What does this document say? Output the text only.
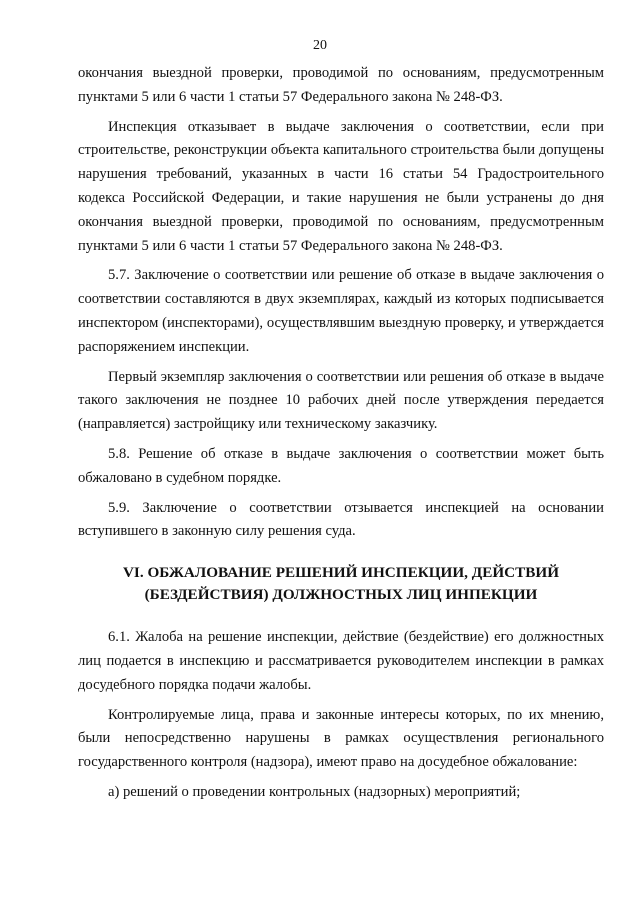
20

окончания выездной проверки, проводимой по основаниям, предусмотренным пунктами 5 или 6 части 1 статьи 57 Федерального закона № 248-ФЗ.

Инспекция отказывает в выдаче заключения о соответствии, если при строительстве, реконструкции объекта капитального строительства были допущены нарушения требований, указанных в части 16 статьи 54 Градостроительного кодекса Российской Федерации, и такие нарушения не были устранены до дня окончания выездной проверки, проводимой по основаниям, предусмотренным пунктами 5 или 6 части 1 статьи 57 Федерального закона № 248-ФЗ.

5.7. Заключение о соответствии или решение об отказе в выдаче заключения о соответствии составляются в двух экземплярах, каждый из которых подписывается инспектором (инспекторами), осуществлявшим выездную проверку, и утверждается распоряжением инспекции.

Первый экземпляр заключения о соответствии или решения об отказе в выдаче такого заключения не позднее 10 рабочих дней после утверждения передается (направляется) застройщику или техническому заказчику.

5.8. Решение об отказе в выдаче заключения о соответствии может быть обжаловано в судебном порядке.

5.9. Заключение о соответствии отзывается инспекцией на основании вступившего в законную силу решения суда.

VI. ОБЖАЛОВАНИЕ РЕШЕНИЙ ИНСПЕКЦИИ, ДЕЙСТВИЙ
(БЕЗДЕЙСТВИЯ) ДОЛЖНОСТНЫХ ЛИЦ ИНПЕКЦИИ

6.1. Жалоба на решение инспекции, действие (бездействие) его должностных лиц подается в инспекцию и рассматривается руководителем инспекции в рамках досудебного порядка подачи жалобы.

Контролируемые лица, права и законные интересы которых, по их мнению, были непосредственно нарушены в рамках осуществления регионального государственного контроля (надзора), имеют право на досудебное обжалование:

а) решений о проведении контрольных (надзорных) мероприятий;
